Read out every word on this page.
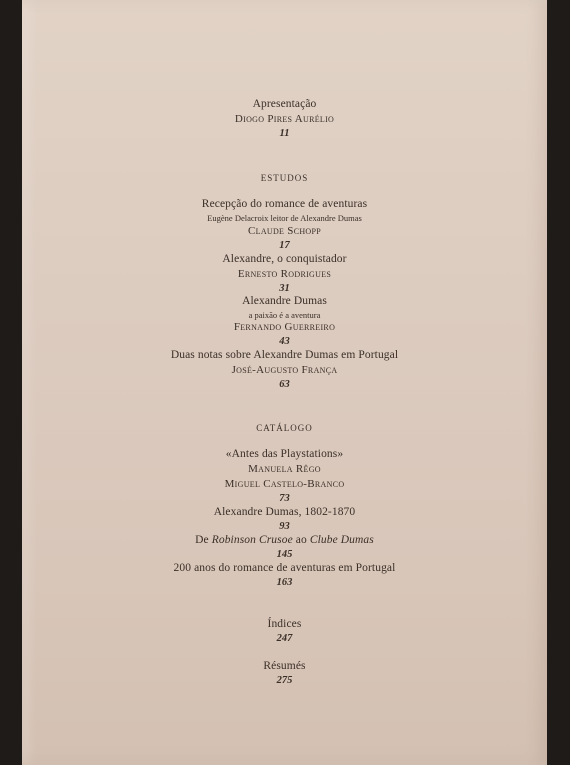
Apresentação
Diogo Pires Aurélio
11
ESTUDOS
Recepção do romance de aventuras
Eugène Delacroix leitor de Alexandre Dumas
Claude Schopp
17
Alexandre, o conquistador
Ernesto Rodrigues
31
Alexandre Dumas
a paixão é a aventura
Fernando Guerreiro
43
Duas notas sobre Alexandre Dumas em Portugal
José-Augusto França
63
CATÁLOGO
«Antes das Playstations»
Manuela Rêgo
Miguel Castelo-Branco
73
Alexandre Dumas, 1802-1870
93
De Robinson Crusoe ao Clube Dumas
145
200 anos do romance de aventuras em Portugal
163
Índices
247
Résumés
275
